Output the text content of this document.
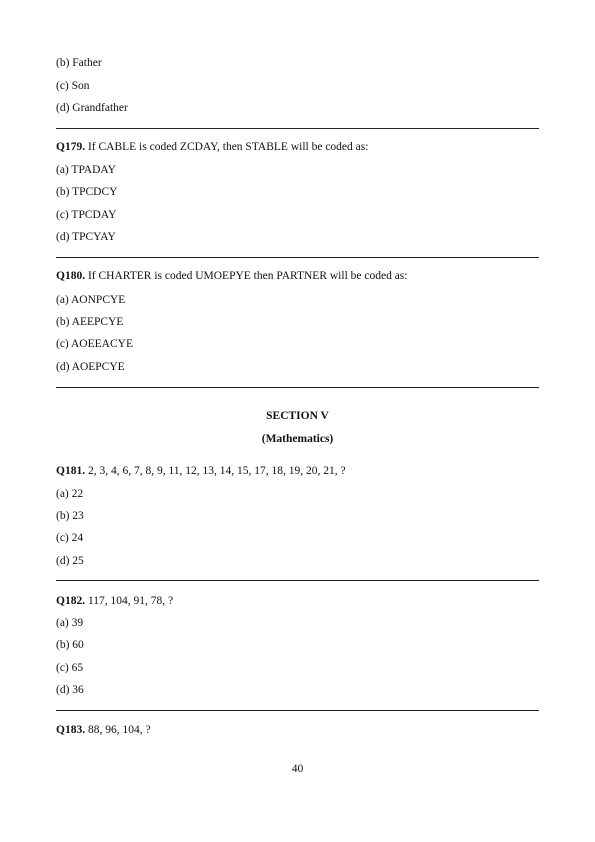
(b) Father
(c) Son
(d) Grandfather
Q179. If CABLE is coded ZCDAY, then STABLE will be coded as:
(a) TPADAY
(b) TPCDCY
(c) TPCDAY
(d) TPCYAY
Q180. If CHARTER is coded UMOEPYE then PARTNER will be coded as:
(a) AONPCYE
(b) AEEPCYE
(c) AOEEACYE
(d) AOEPCYE
SECTION V
(Mathematics)
Q181. 2, 3, 4, 6, 7, 8, 9, 11, 12, 13, 14, 15, 17, 18, 19, 20, 21, ?
(a) 22
(b) 23
(c) 24
(d) 25
Q182. 117, 104, 91, 78, ?
(a) 39
(b) 60
(c) 65
(d) 36
Q183. 88, 96, 104, ?
40
